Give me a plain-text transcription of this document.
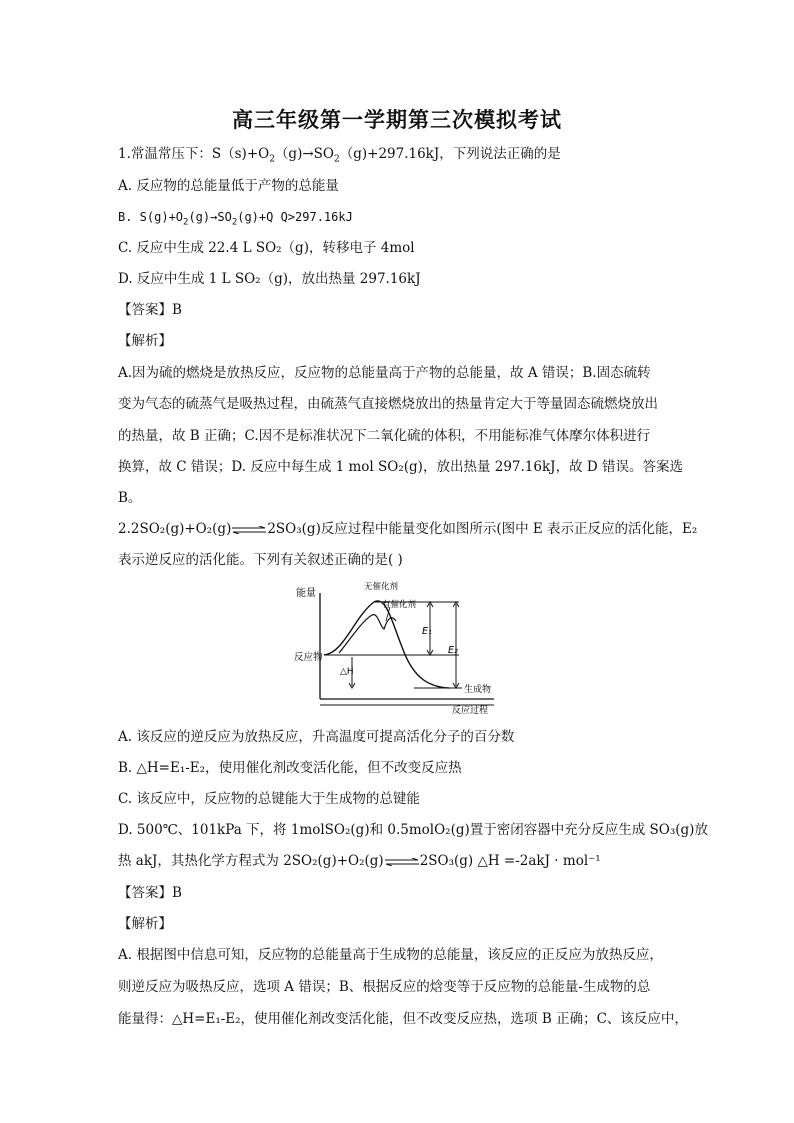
高三年级第一学期第三次模拟考试
1.常温常压下：$S(s)+O_2(g)\to SO_2(g)+297.16kJ$，下列说法正确的是
A. 反应物的总能量低于产物的总能量
B. $S(g)+O_2(g)\to SO_2(g)+Q$ Q>297.16kJ
C. 反应中生成 22.4 L SO₂（g)，转移电子 4mol
D. 反应中生成 1 L SO₂（g)，放出热量 297.16kJ
【答案】B
【解析】
A.因为硫的燃烧是放热反应，反应物的总能量高于产物的总能量，故 A 错误；B.固态硫转
变为气态的硫蒸气是吸热过程，由硫蒸气直接燃烧放出的热量肯定大于等量固态硫燃烧放出
的热量，故 B 正确；C.因不是标准状况下二氧化硫的体积，不用能标准气体摩尔体积进行
换算，故 C 错误；D. 反应中每生成 1 mol SO₂(g)，放出热量 297.16kJ，故 D 错误。答案选
B。
2.2SO₂(g)+O₂(g)⇌2SO₃(g)反应过程中能量变化如图所示(图中 E 表示正反应的活化能，E₂
表示逆反应的活化能。下列有关叙述正确的是( )
能量
反应过程
反应物
生成物
无催化剂
有催化剂
E₁
E₂
△H
A. 该反应的逆反应为放热反应，升高温度可提高活化分子的百分数
B. △H=E₁-E₂，使用催化剂改变活化能，但不改变反应热
C. 该反应中，反应物的总键能大于生成物的总键能
D. 500℃、101kPa 下，将 1molSO₂(g)和 0.5molO₂(g)置于密闭容器中充分反应生成 SO₃(g)放
热 akJ，其热化学方程式为 2SO₂(g)+O₂(g)⇌2SO₃(g) △H =-2akJ · mol⁻¹
【答案】B
【解析】
A. 根据图中信息可知，反应物的总能量高于生成物的总能量，该反应的正反应为放热反应，
则逆反应为吸热反应，选项 A 错误；B、根据反应的焓变等于反应物的总能量-生成物的总
能量得：△H=E₁-E₂，使用催化剂改变活化能，但不改变反应热，选项 B 正确；C、该反应中，
